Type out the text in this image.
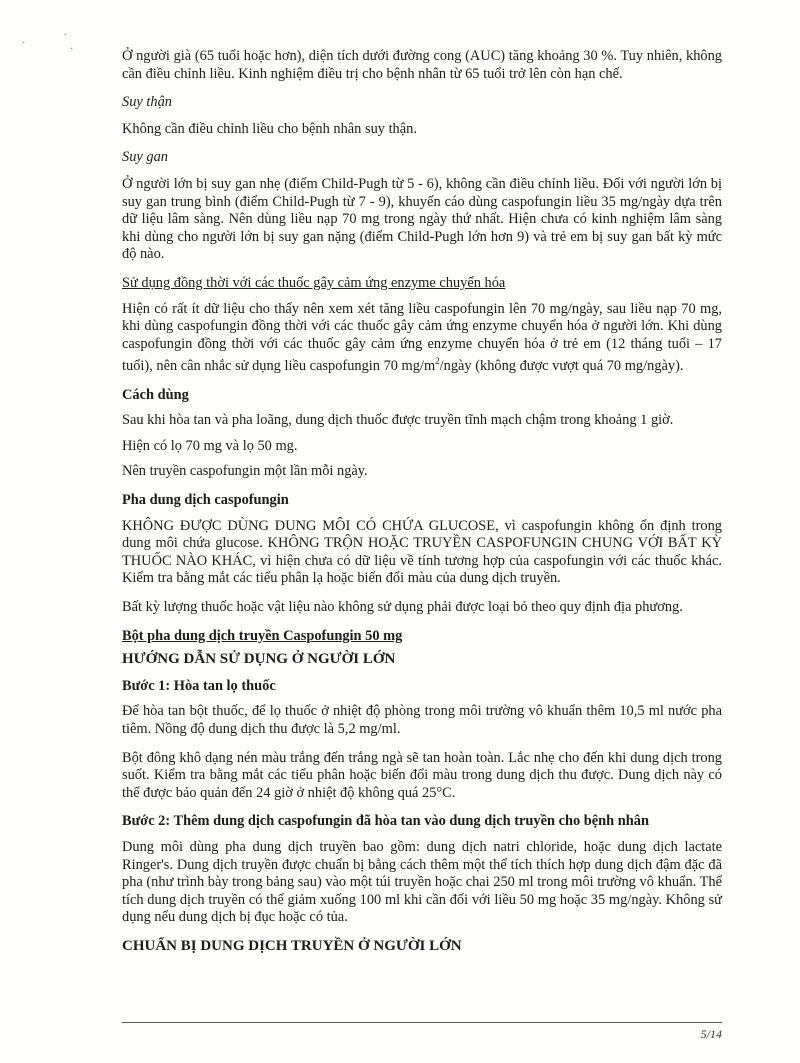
Ở người già (65 tuổi hoặc hơn), diện tích dưới đường cong (AUC) tăng khoảng 30 %. Tuy nhiên, không cần điều chỉnh liều. Kinh nghiệm điều trị cho bệnh nhân từ 65 tuổi trở lên còn hạn chế.

Suy thận

Không cần điều chỉnh liều cho bệnh nhân suy thận.

Suy gan

Ở người lớn bị suy gan nhẹ (điểm Child-Pugh từ 5 - 6), không cần điều chỉnh liều. Đối với người lớn bị suy gan trung bình (điểm Child-Pugh từ 7 - 9), khuyến cáo dùng caspofungin liều 35 mg/ngày dựa trên dữ liệu lâm sàng. Nên dùng liều nạp 70 mg trong ngày thứ nhất. Hiện chưa có kinh nghiệm lâm sàng khi dùng cho người lớn bị suy gan nặng (điểm Child-Pugh lớn hơn 9) và trẻ em bị suy gan bất kỳ mức độ nào.

Sử dụng đồng thời với các thuốc gây cảm ứng enzyme chuyển hóa

Hiện có rất ít dữ liệu cho thấy nên xem xét tăng liều caspofungin lên 70 mg/ngày, sau liều nạp 70 mg, khi dùng caspofungin đồng thời với các thuốc gây cảm ứng enzyme chuyển hóa ở người lớn. Khi dùng caspofungin đồng thời với các thuốc gây cảm ứng enzyme chuyển hóa ở trẻ em (12 tháng tuổi – 17 tuổi), nên cân nhắc sử dụng liều caspofungin 70 $mg/m^2$/ngày (không được vượt quá 70 mg/ngày).

Cách dùng

Sau khi hòa tan và pha loãng, dung dịch thuốc được truyền tĩnh mạch chậm trong khoảng 1 giờ.

Hiện có lọ 70 mg và lọ 50 mg.

Nên truyền caspofungin một lần mỗi ngày.

Pha dung dịch caspofungin

KHÔNG ĐƯỢC DÙNG DUNG MÔI CÓ CHỨA GLUCOSE, vì caspofungin không ổn định trong dung môi chứa glucose. KHÔNG TRỘN HOẶC TRUYỀN CASPOFUNGIN CHUNG VỚI BẤT KỲ THUỐC NÀO KHÁC, vì hiện chưa có dữ liệu về tính tương hợp của caspofungin với các thuốc khác. Kiểm tra bằng mắt các tiểu phân lạ hoặc biến đổi màu của dung dịch truyền.

Bất kỳ lượng thuốc hoặc vật liệu nào không sử dụng phải được loại bỏ theo quy định địa phương.

Bột pha dung dịch truyền Caspofungin 50 mg

HƯỚNG DẪN SỬ DỤNG Ở NGƯỜI LỚN

Bước 1: Hòa tan lọ thuốc

Để hòa tan bột thuốc, để lọ thuốc ở nhiệt độ phòng trong môi trường vô khuẩn thêm 10,5 ml nước pha tiêm. Nồng độ dung dịch thu được là 5,2 mg/ml.

Bột đông khô dạng nén màu trắng đến trắng ngà sẽ tan hoàn toàn. Lắc nhẹ cho đến khi dung dịch trong suốt. Kiểm tra bằng mắt các tiểu phân hoặc biến đổi màu trong dung dịch thu được. Dung dịch này có thể được bảo quản đến 24 giờ ở nhiệt độ không quá 25°C.

Bước 2: Thêm dung dịch caspofungin đã hòa tan vào dung dịch truyền cho bệnh nhân

Dung môi dùng pha dung dịch truyền bao gồm: dung dịch natri chloride, hoặc dung dịch lactate Ringer's. Dung dịch truyền được chuẩn bị bằng cách thêm một thể tích thích hợp dung dịch đậm đặc đã pha (như trình bày trong bảng sau) vào một túi truyền hoặc chai 250 ml trong môi trường vô khuẩn. Thể tích dung dịch truyền có thể giảm xuống 100 ml khi cần đối với liều 50 mg hoặc 35 mg/ngày. Không sử dụng nếu dung dịch bị đục hoặc có tủa.

CHUẨN BỊ DUNG DỊCH TRUYỀN Ở NGƯỜI LỚN

·
·
·
5/14
